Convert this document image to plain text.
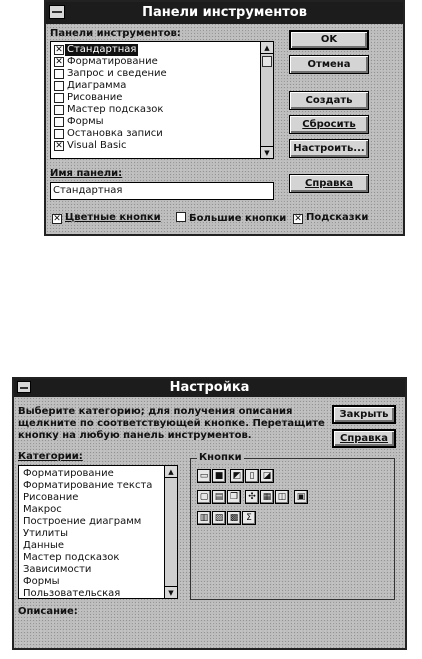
Панели инструментов
Панели инструментов:
✕ Стандартная
✕ Форматирование
Запрос и сведение
Диаграмма
Рисование
Мастер подсказок
Формы
Остановка записи
✕ Visual Basic
▲
▼
OK
Отмена
Создать
Сбросить
Настроить...
Справка
Имя панели:
Стандартная
✕ Цветные кнопки	Большие кнопки ✕ Подсказки
Настройка
Выберите категорию; для получения описания
щелкните по соответствующей кнопке. Перетащите
кнопку на любую панель инструментов.
Закрыть
Справка
Категории:
Форматирование
Форматирование текста
Рисование
Макрос
Построение диаграмм
Утилиты
Данные
Мастер подсказок
Зависимости
Формы
Пользовательская
▲
▼
Кнопки
▭ ■	◩ ▯ ◪
▢ ▤ ❐	✣ ▦ ◫	▣
▥ ▨ ▩ Σ
Описание:
